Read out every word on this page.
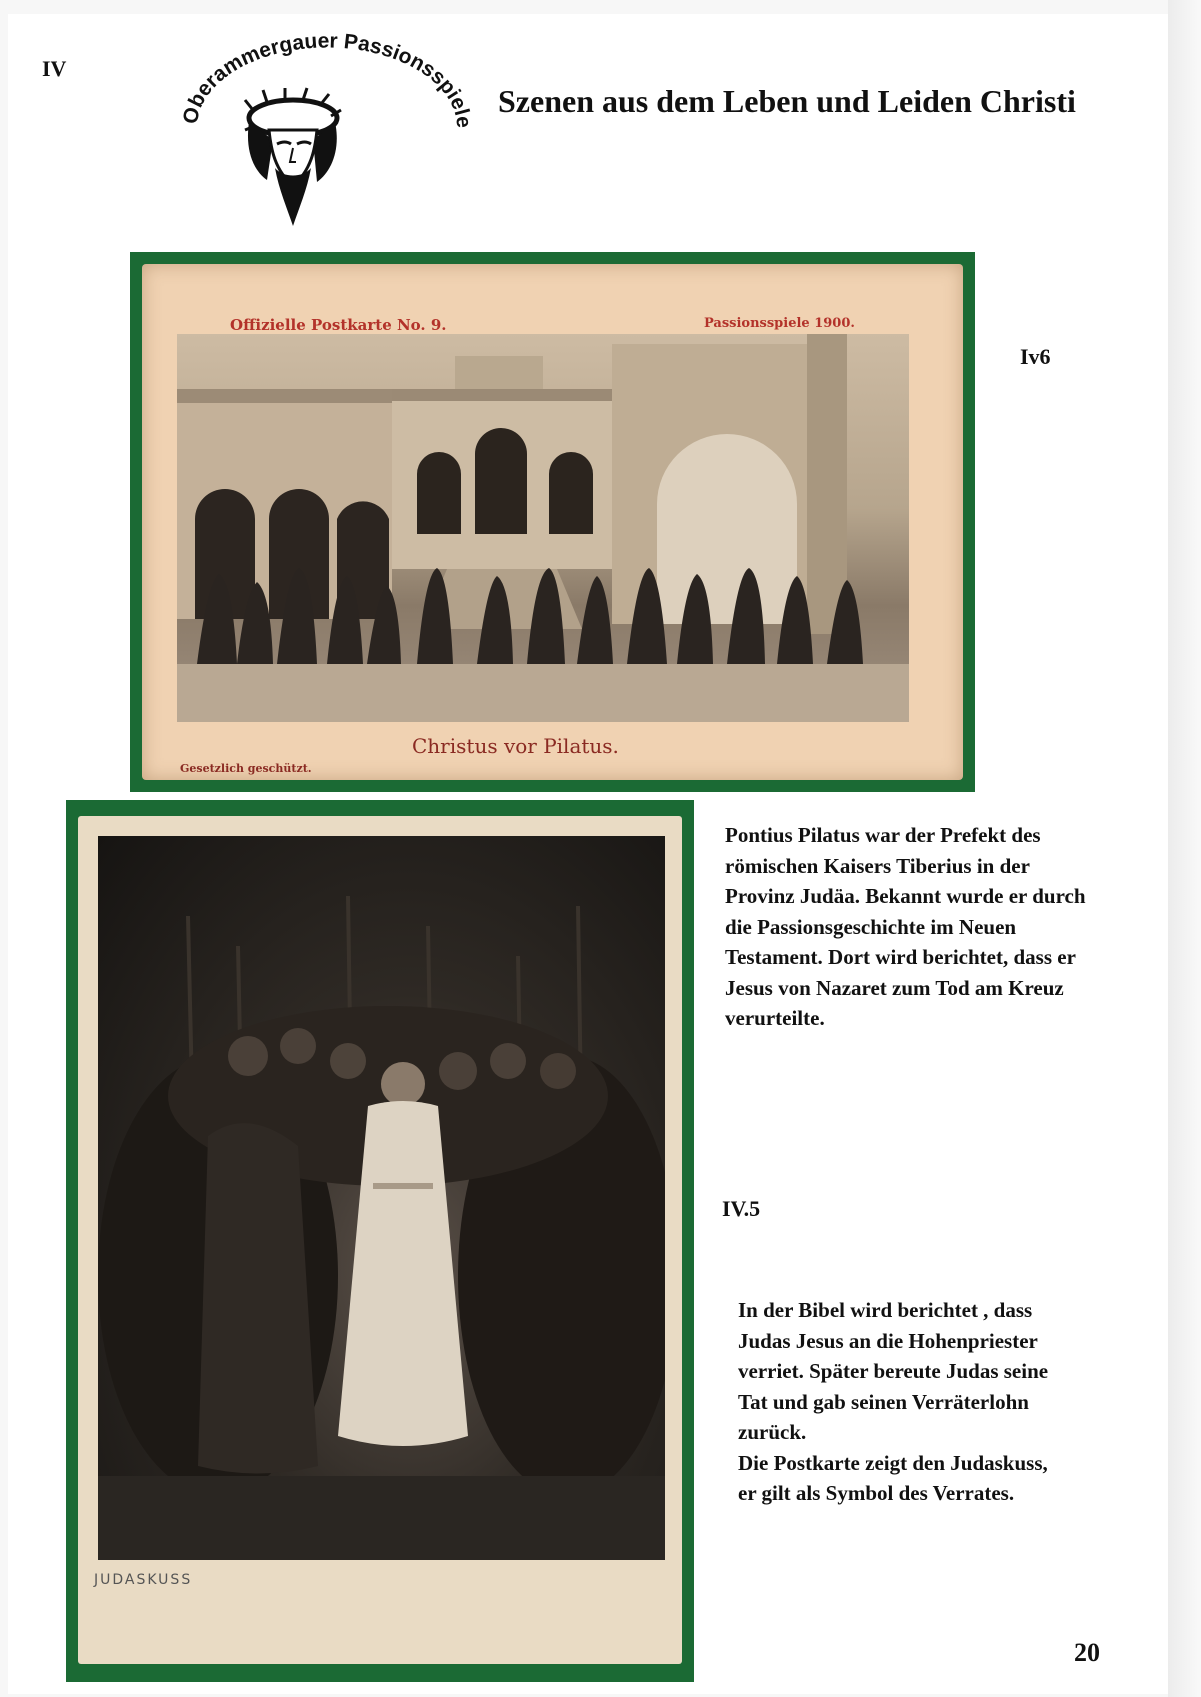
IV
Oberammergauer Passionsspiele
Szenen aus dem Leben und Leiden Christi
Offizielle Postkarte No. 9.	Passionsspiele 1900.
Christus vor Pilatus.
Gesetzlich geschützt.
Iv6
JUDASKUSS
IV.5

Pontius Pilatus war der Prefekt des

römischen Kaisers Tiberius in der

Provinz Judäa. Bekannt wurde er durch

die Passionsgeschichte im Neuen

Testament. Dort wird berichtet, dass er

Jesus von Nazaret zum Tod am Kreuz

verurteilte.

In der Bibel wird berichtet , dass

Judas Jesus an die Hohenpriester

verriet. Später bereute Judas seine

Tat und gab seinen Verräterlohn

zurück.

Die Postkarte zeigt den Judaskuss,

er gilt als Symbol des Verrates.

20
